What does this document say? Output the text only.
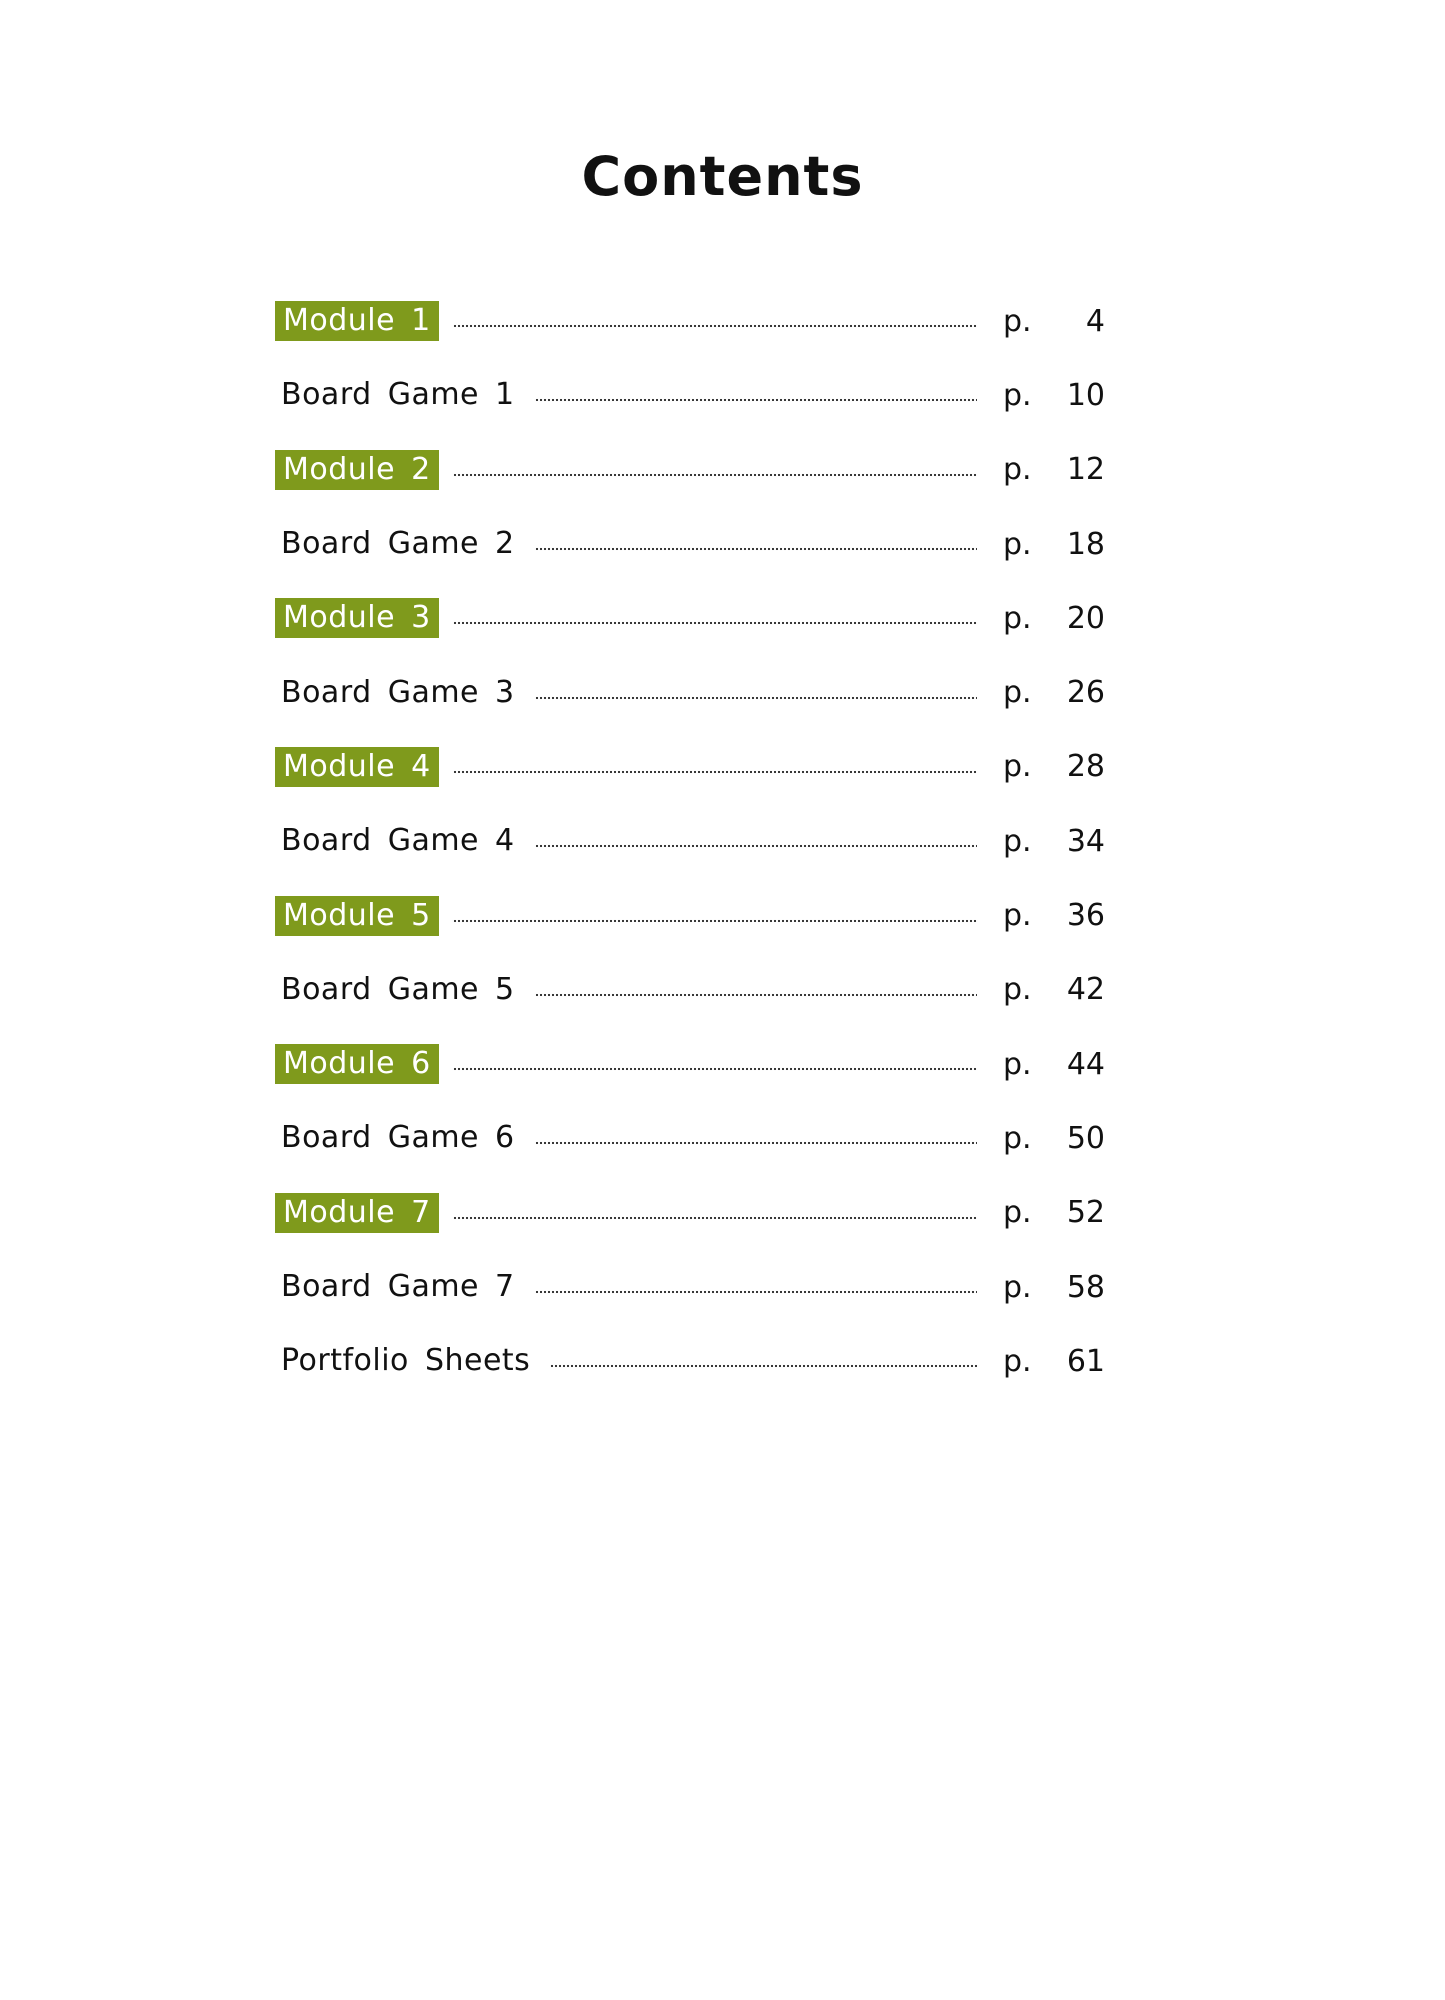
Contents
Module 1	p.	4
Board Game 1	p.	10
Module 2	p.	12
Board Game 2	p.	18
Module 3	p.	20
Board Game 3	p.	26
Module 4	p.	28
Board Game 4	p.	34
Module 5	p.	36
Board Game 5	p.	42
Module 6	p.	44
Board Game 6	p.	50
Module 7	p.	52
Board Game 7	p.	58
Portfolio Sheets	p.	61
